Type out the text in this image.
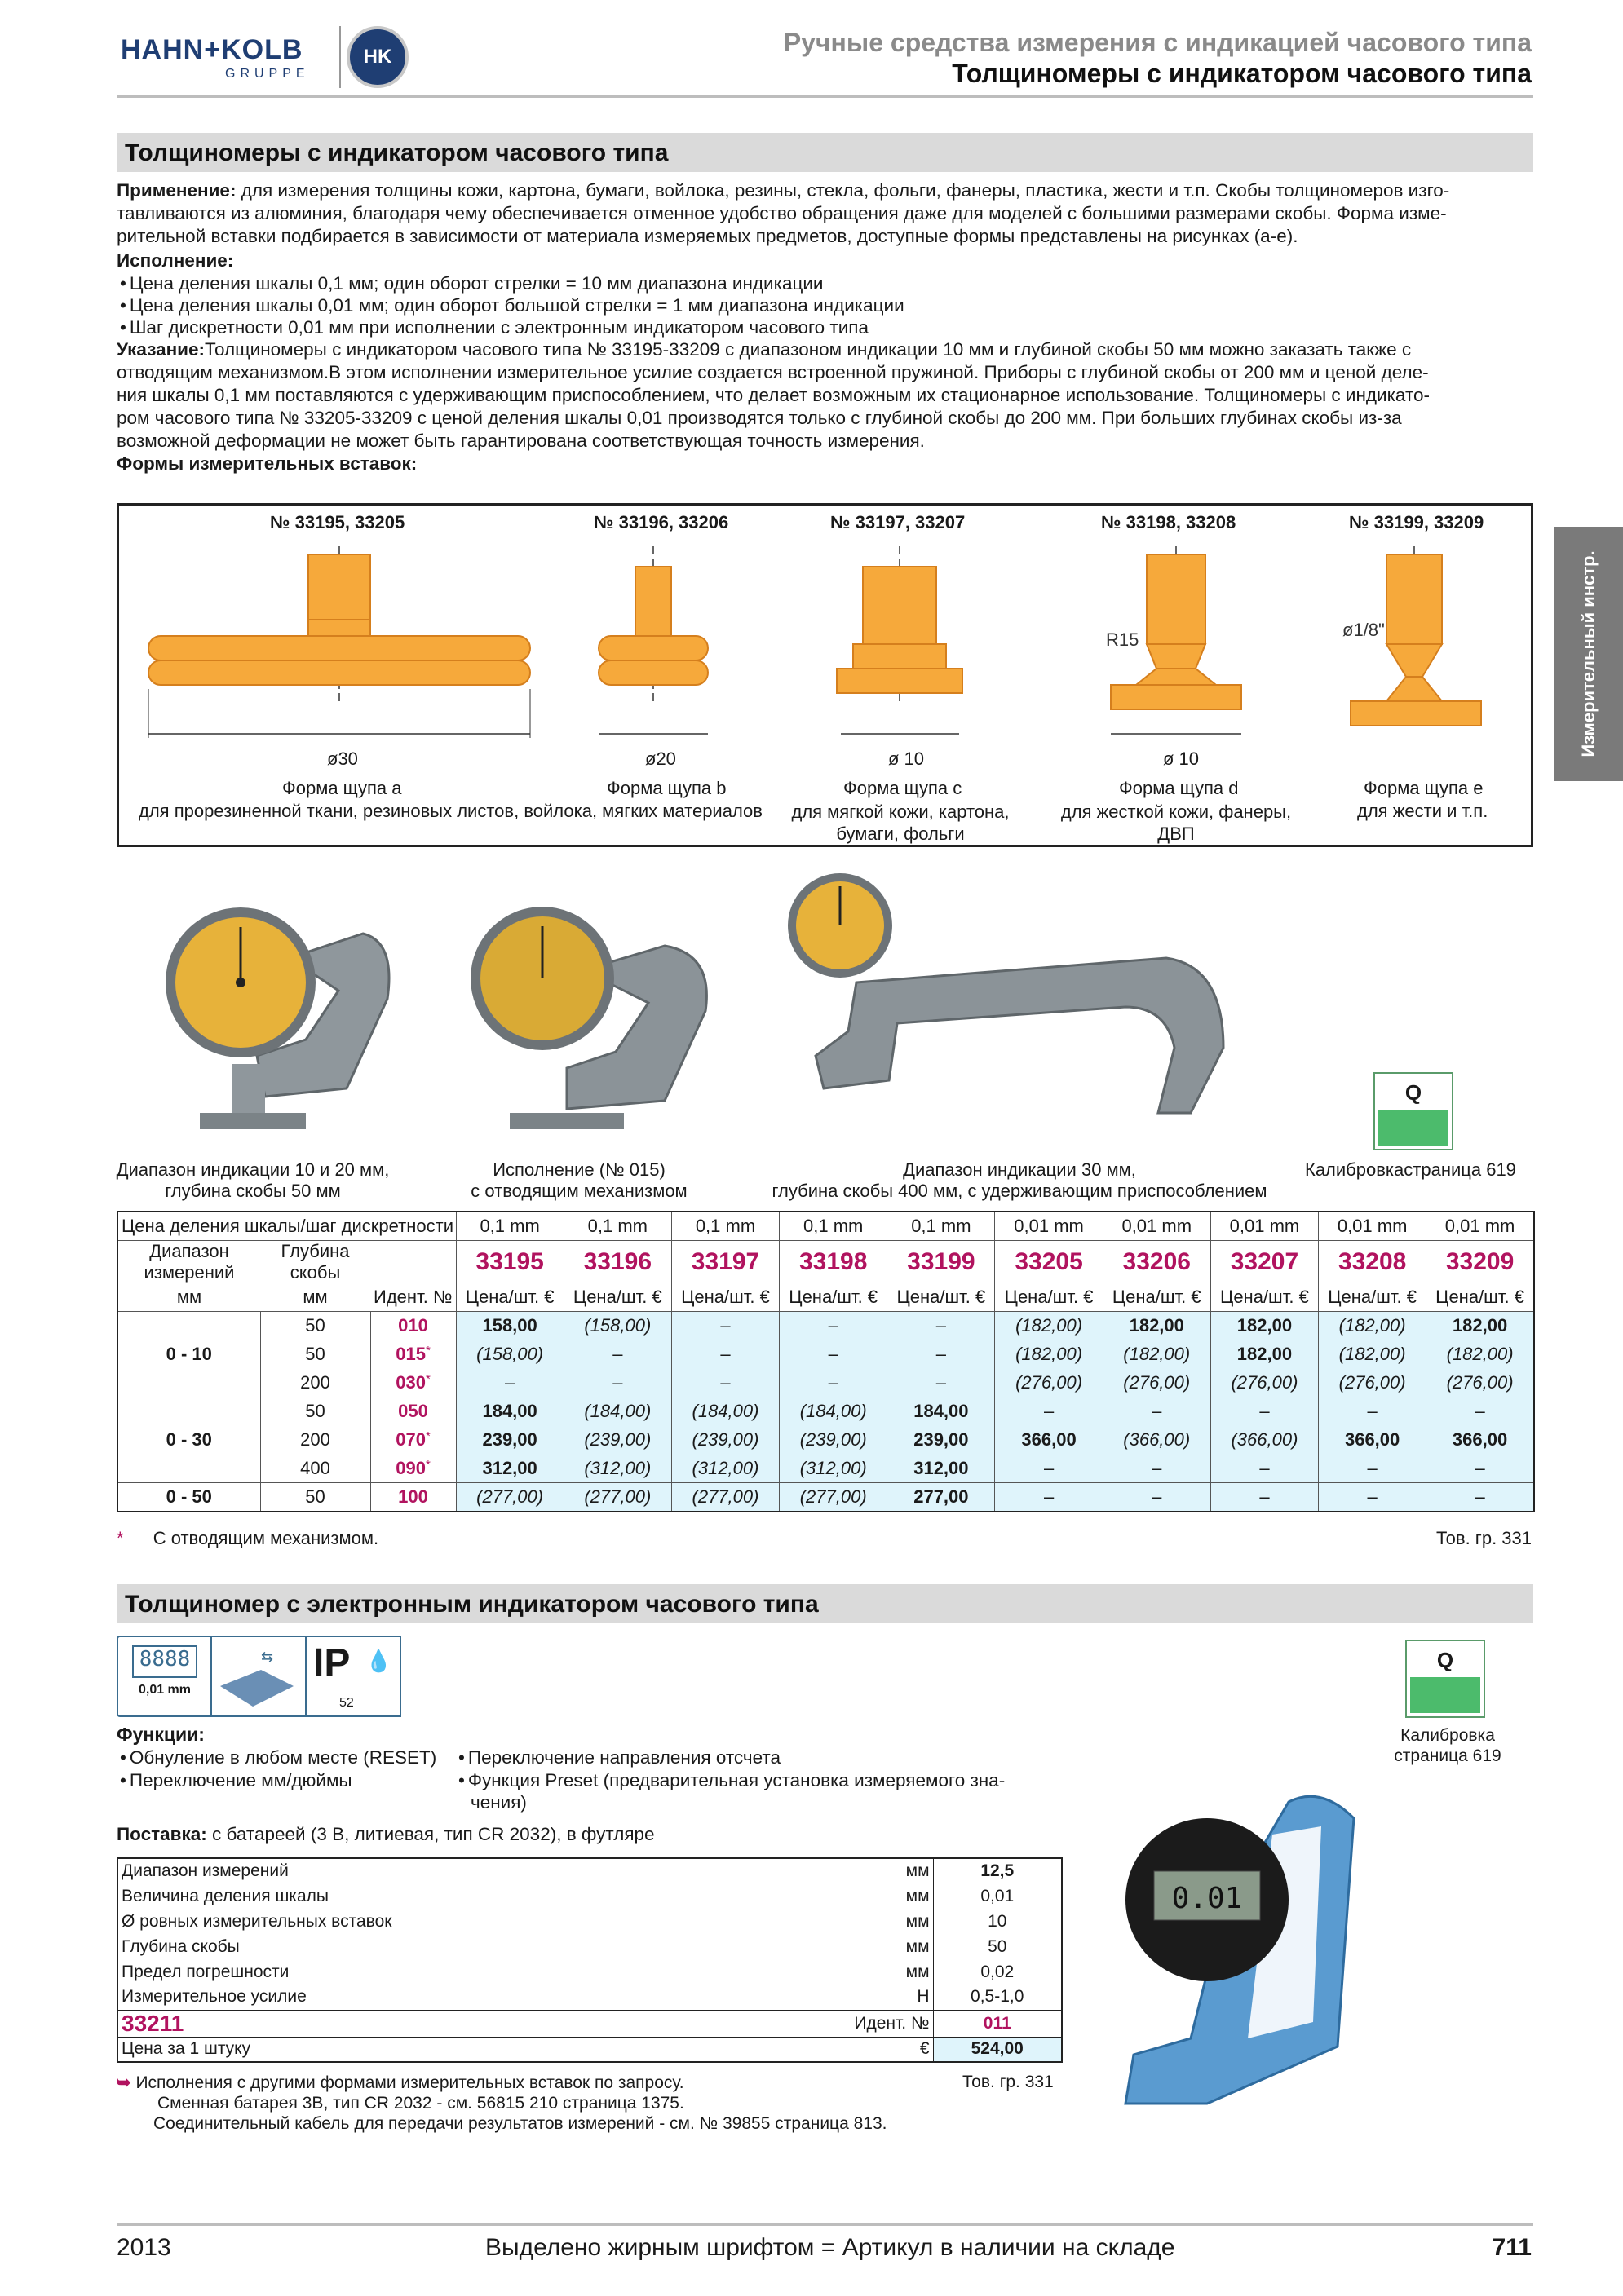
HAHN+KOLB
GRUPPE
HK	Ручные средства измерения с индикацией часового типа
Толщиномеры с индикатором часового типа
Измерительный инстр.
Толщиномеры с индикатором часового типа

Применение: для измерения толщины кожи, картона, бумаги, войлока, резины, стекла, фольги, фанеры, пластика, жести и т.п. Скобы толщиномеров изго-

тавливаются из алюминия, благодаря чему обеспечивается отменное удобство обращения даже для моделей с большими размерами скобы. Форма изме-

рительной вставки подбирается в зависимости от материала измеряемых предметов, доступные формы представлены на рисунках (a-e).

Исполнение:

• Цена деления шкалы 0,1 мм; один оборот стрелки = 10 мм диапазона индикации
• Цена деления шкалы 0,01 мм; один оборот большой стрелки = 1 мм диапазона индикации
• Шаг дискретности 0,01 мм при исполнении с электронным индикатором часового типа

Указание:Толщиномеры с индикатором часового типа № 33195-33209 с диапазоном индикации 10 мм и глубиной скобы 50 мм можно заказать также с

отводящим механизмом.В этом исполнении измерительное усилие создается встроенной пружиной. Приборы с глубиной скобы от 200 мм и ценой деле-

ния шкалы 0,1 мм поставляются с удерживающим приспособлением, что делает возможным их стационарное использование. Толщиномеры с индикато-

ром часового типа № 33205-33209 с ценой деления шкалы 0,01 производятся только с глубиной скобы до 200 мм. При больших глубинах скобы из-за

возможной деформации не может быть гарантирована соответствующая точность измерения.

Формы измерительных вставок:

№ 33195, 33205	№ 33196, 33206	№ 33197, 33207	№ 33198, 33208	№ 33199, 33209
ø30	ø20	ø 10	ø 10
R15	ø1/8"
Форма щупа a	Форма щупа b	Форма щупа c	Форма щупа d	Форма щупа e
для прорезиненной ткани, резиновых листов, войлока, мягких материалов	для мягкой кожи, картона,
бумаги, фольги
для жесткой кожи, фанеры,
ДВП
для жести и т.п.
Q
Диапазон индикации 10 и 20 мм,
глубина скобы 50 мм
Исполнение (№ 015)
с отводящим механизмом
Диапазон индикации 30 мм,
глубина скобы 400 мм, с удерживающим приспособлением
Калибровкастраница 619
Цена деления шкалы/шаг дискретности			0,1 mm	0,1 mm	0,1 mm	0,1 mm	0,1 mm	0,01 mm	0,01 mm	0,01 mm	0,01 mm	0,01 mm
Диапазон измерений	Глубина скобы		33195	33196	33197	33198	33199	33205	33206	33207	33208	33209
мм	мм	Идент. №	Цена/шт. €	Цена/шт. €	Цена/шт. €	Цена/шт. €	Цена/шт. €	Цена/шт. €	Цена/шт. €	Цена/шт. €	Цена/шт. €	Цена/шт. €
0 - 10	50	010	158,00	(158,00)	–	–	–	(182,00)	182,00	182,00	(182,00)	182,00
	50	015*	(158,00)	–	–	–	–	(182,00)	(182,00)	182,00	(182,00)	(182,00)
	200	030*	–	–	–	–	–	(276,00)	(276,00)	(276,00)	(276,00)	(276,00)
0 - 30	50	050	184,00	(184,00)	(184,00)	(184,00)	184,00	–	–	–	–	–
	200	070*	239,00	(239,00)	(239,00)	(239,00)	239,00	366,00	(366,00)	(366,00)	366,00	366,00
	400	090*	312,00	(312,00)	(312,00)	(312,00)	312,00	–	–	–	–	–
0 - 50	50	100	(277,00)	(277,00)	(277,00)	(277,00)	277,00	–	–	–	–	–
* С отводящим механизмом.	Тов. гр. 331
Толщиномер с электронным индикатором часового типа
8888
0,01 mm
⇆ IP 💧
52
Q
Калибровка
страница 619
Функции:
• Обнуление в любом месте (RESET)
• Переключение мм/дюймы
• Переключение направления отсчета
• Функция Preset (предварительная установка измеряемого зна-
чения)

Поставка: с батареей (3 В, литиевая, тип CR 2032), в футляре

Диапазон измерений	мм	12,5
Величина деления шкалы	мм	0,01
Ø ровных измерительных вставок	мм	10
Глубина скобы	мм	50
Предел погрешности	мм	0,02
Измерительное усилие	Н	0,5-1,0
33211	Идент. №	011
Цена за 1 штуку	€	524,00
➥ Исполнения с другими формами измерительных вставок по запросу.
Сменная батарея 3В, тип CR 2032 - см. 56815 210 страница 1375.
Соединительный кабель для передачи результатов измерений - см. № 39855 страница 813.
Тов. гр. 331
0.01
2013	Выделено жирным шрифтом = Артикул в наличии на складе	711
